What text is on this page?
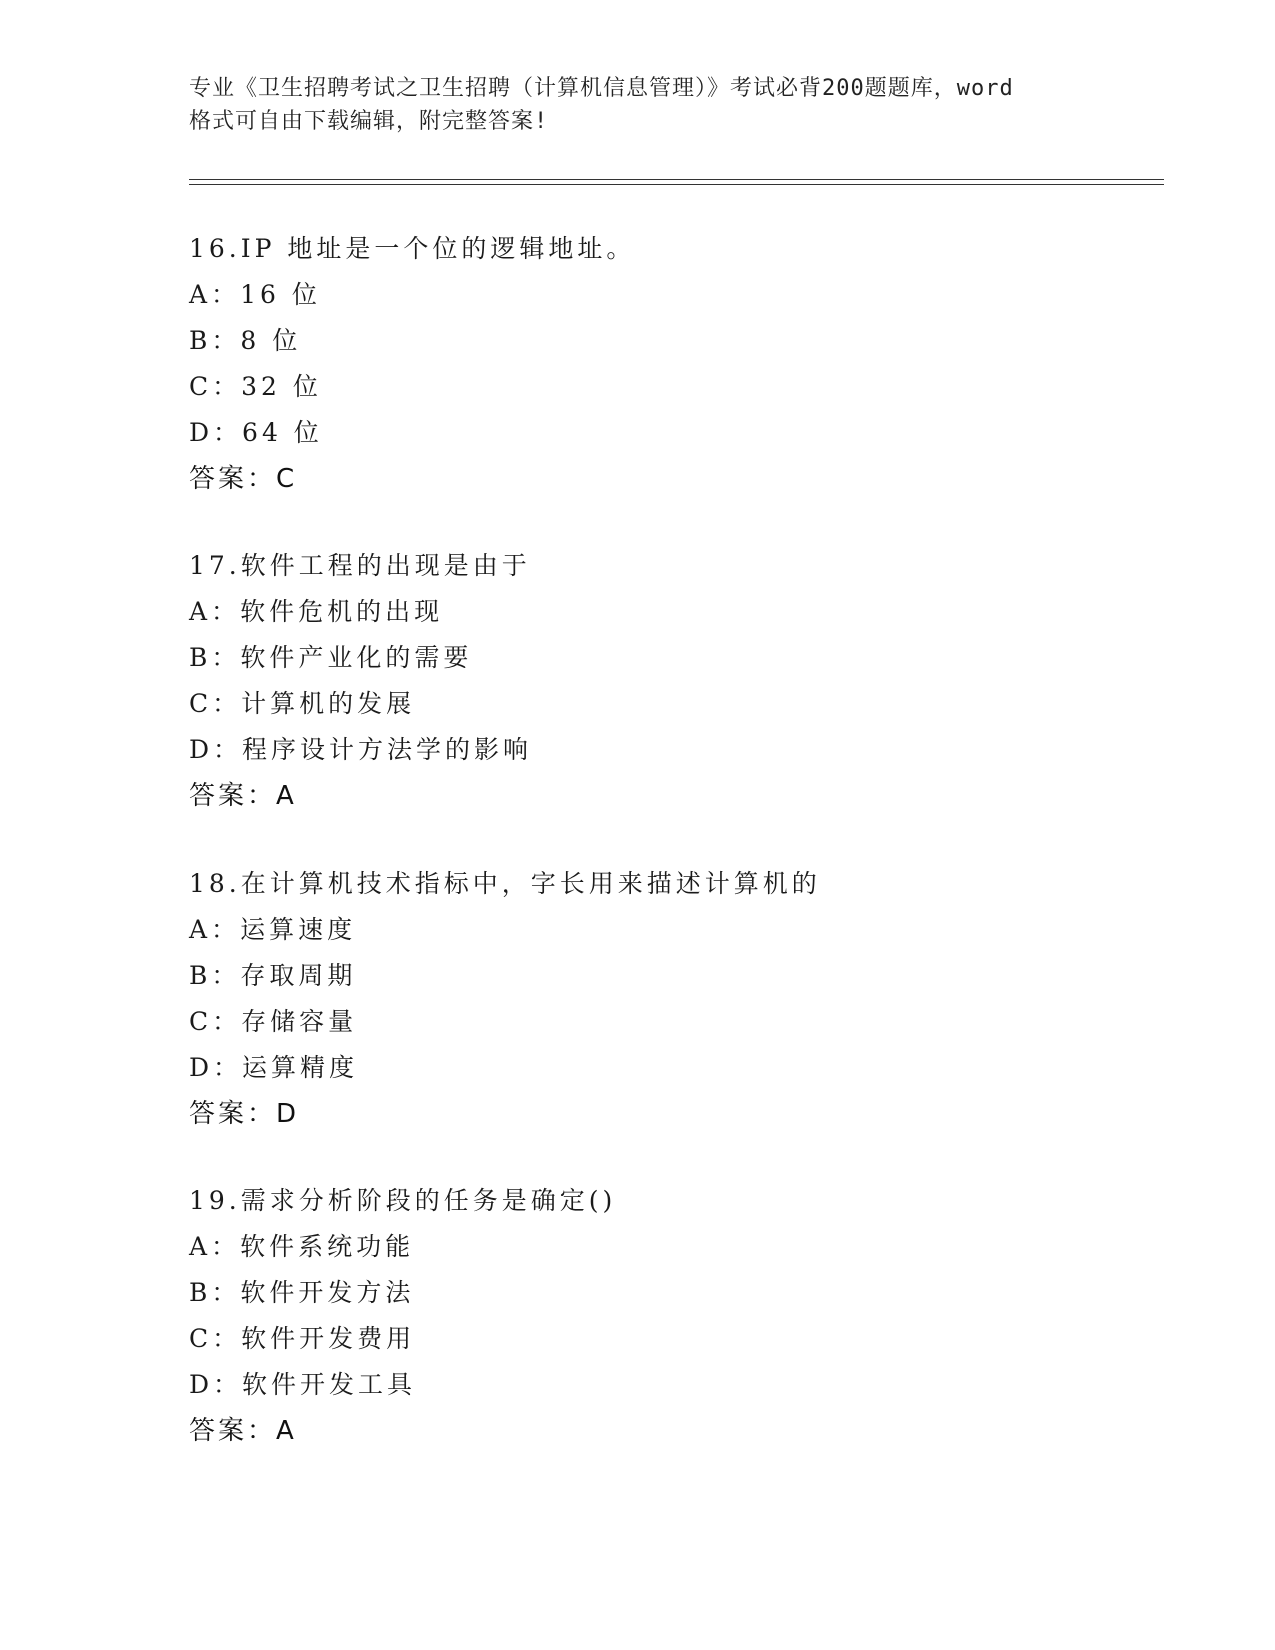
专业《卫生招聘考试之卫生招聘（计算机信息管理）》考试必背200题题库，word
格式可自由下载编辑，附完整答案!
16.IP 地址是一个位的逻辑地址。
A：16 位
B：8 位
C：32 位
D：64 位
答案：C
17.软件工程的出现是由于
A：软件危机的出现
B：软件产业化的需要
C：计算机的发展
D：程序设计方法学的影响
答案：A
18.在计算机技术指标中，字长用来描述计算机的
A：运算速度
B：存取周期
C：存储容量
D：运算精度
答案：D
19.需求分析阶段的任务是确定()
A：软件系统功能
B：软件开发方法
C：软件开发费用
D：软件开发工具
答案：A
